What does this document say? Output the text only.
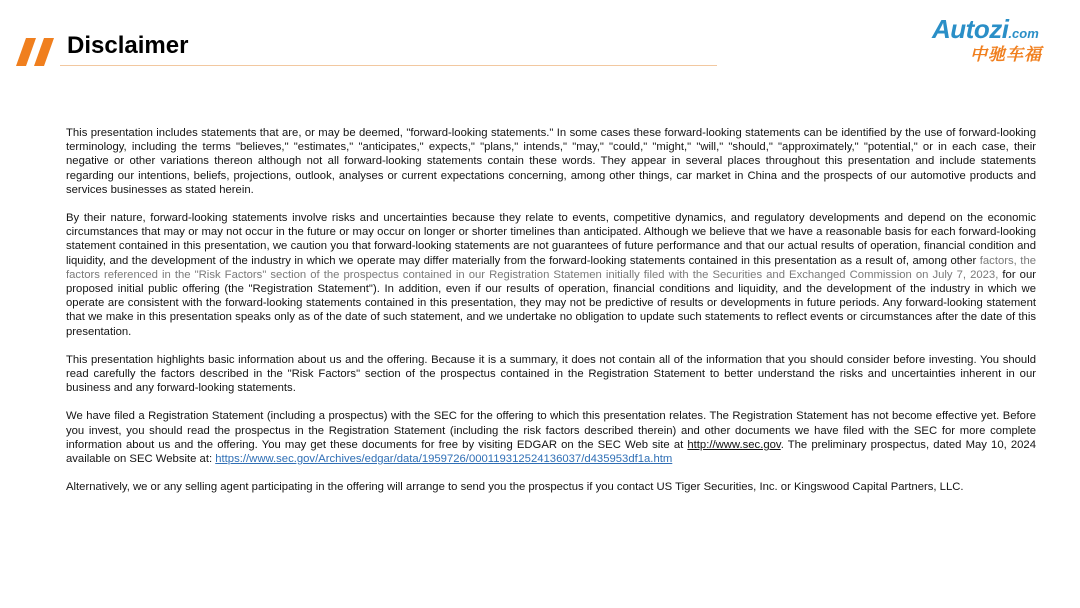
Disclaimer
Autozi.com
中驰车福

This presentation includes statements that are, or may be deemed, "forward-looking statements." In some cases these forward-looking statements can be identified by the use of forward-looking terminology, including the terms "believes," "estimates," "anticipates," expects," "plans," intends," "may," "could," "might," "will," "should," "approximately," "potential," or in each case, their negative or other variations thereon although not all forward-looking statements contain these words. They appear in several places throughout this presentation and include statements regarding our intentions, beliefs, projections, outlook, analyses or current expectations concerning, among other things, car market in China and the prospects of our automotive products and services businesses as stated herein.

By their nature, forward-looking statements involve risks and uncertainties because they relate to events, competitive dynamics, and regulatory developments and depend on the economic circumstances that may or may not occur in the future or may occur on longer or shorter timelines than anticipated. Although we believe that we have a reasonable basis for each forward-looking statement contained in this presentation, we caution you that forward-looking statements are not guarantees of future performance and that our actual results of operation, financial condition and liquidity, and the development of the industry in which we operate may differ materially from the forward-looking statements contained in this presentation as a result of, among other factors, the factors referenced in the "Risk Factors" section of the prospectus contained in our Registration Statemen initially filed with the Securities and Exchanged Commission on July 7, 2023, for our proposed initial public offering (the "Registration Statement"). In addition, even if our results of operation, financial conditions and liquidity, and the development of the industry in which we operate are consistent with the forward-looking statements contained in this presentation, they may not be predictive of results or developments in future periods. Any forward-looking statement that we make in this presentation speaks only as of the date of such statement, and we undertake no obligation to update such statements to reflect events or circumstances after the date of this presentation.

This presentation highlights basic information about us and the offering. Because it is a summary, it does not contain all of the information that you should consider before investing. You should read carefully the factors described in the "Risk Factors" section of the prospectus contained in the Registration Statement to better understand the risks and uncertainties inherent in our business and any forward-looking statements.

We have filed a Registration Statement (including a prospectus) with the SEC for the offering to which this presentation relates. The Registration Statement has not become effective yet. Before you invest, you should read the prospectus in the Registration Statement (including the risk factors described therein) and other documents we have filed with the SEC for more complete information about us and the offering. You may get these documents for free by visiting EDGAR on the SEC Web site at http://www.sec.gov. The preliminary prospectus, dated May 10, 2024 available on SEC Website at: https://www.sec.gov/Archives/edgar/data/1959726/000119312524136037/d435953df1a.htm

Alternatively, we or any selling agent participating in the offering will arrange to send you the prospectus if you contact US Tiger Securities, Inc. or Kingswood Capital Partners, LLC.
